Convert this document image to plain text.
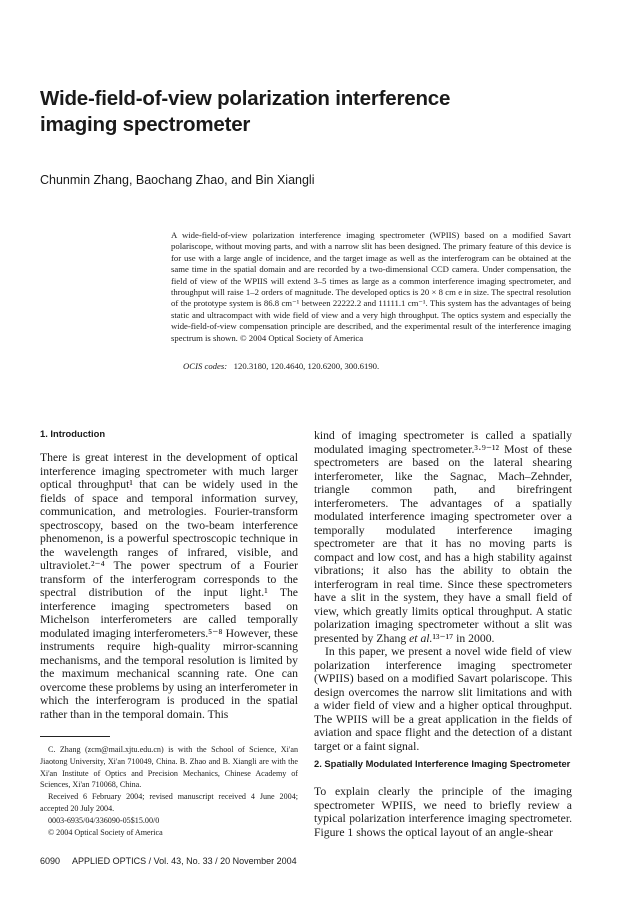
Wide-field-of-view polarization interference
imaging spectrometer

Chunmin Zhang, Baochang Zhao, and Bin Xiangli

A wide-field-of-view polarization interference imaging spectrometer (WPIIS) based on a modified Savart polariscope, without moving parts, and with a narrow slit has been designed. The primary feature of this device is for use with a large angle of incidence, and the target image as well as the interferogram can be obtained at the same time in the spatial domain and are recorded by a two-dimensional CCD camera. Under compensation, the field of view of the WPIIS will extend 3–5 times as large as a common interference imaging spectrometer, and throughput will raise 1–2 orders of magnitude. The developed optics is 20 × 8 cm e in size. The spectral resolution of the prototype system is 86.8 cm⁻¹ between 22222.2 and 11111.1 cm⁻¹. This system has the advantages of being static and ultracompact with wide field of view and a very high throughput. The optics system and especially the wide-field-of-view compensation principle are described, and the experimental result of the interference imaging spectrum is shown. © 2004 Optical Society of America

OCIS codes: 120.3180, 120.4640, 120.6200, 300.6190.

1. Introduction

There is great interest in the development of optical interference imaging spectrometer with much larger optical throughput¹ that can be widely used in the fields of space and temporal information survey, communication, and metrologies. Fourier-transform spectroscopy, based on the two-beam interference phenomenon, is a powerful spectroscopic technique in the wavelength ranges of infrared, visible, and ultraviolet.²⁻⁴ The power spectrum of a Fourier transform of the interferogram corresponds to the spectral distribution of the input light.¹ The interference imaging spectrometers based on Michelson interferometers are called temporally modulated imaging interferometers.⁵⁻⁸ However, these instruments require high-quality mirror-scanning mechanisms, and the temporal resolution is limited by the maximum mechanical scanning rate. One can overcome these problems by using an interferometer in which the interferogram is produced in the spatial rather than in the temporal domain. This

C. Zhang (zcm@mail.xjtu.edu.cn) is with the School of Science, Xi'an Jiaotong University, Xi'an 710049, China. B. Zhao and B. Xiangli are with the Xi'an Institute of Optics and Precision Mechanics, Chinese Academy of Sciences, Xi'an 710068, China.
Received 6 February 2004; revised manuscript received 4 June 2004; accepted 20 July 2004.
0003-6935/04/336090-05$15.00/0
© 2004 Optical Society of America

kind of imaging spectrometer is called a spatially modulated imaging spectrometer.³·⁹⁻¹² Most of these spectrometers are based on the lateral shearing interferometer, like the Sagnac, Mach–Zehnder, triangle common path, and birefringent interferometers. The advantages of a spatially modulated interference imaging spectrometer over a temporally modulated interference imaging spectrometer are that it has no moving parts is compact and low cost, and has a high stability against vibrations; it also has the ability to obtain the interferogram in real time. Since these spectrometers have a slit in the system, they have a small field of view, which greatly limits optical throughput. A static polarization imaging spectrometer without a slit was presented by Zhang et al.¹³⁻¹⁷ in 2000.

In this paper, we present a novel wide field of view polarization interference imaging spectrometer (WPIIS) based on a modified Savart polariscope. This design overcomes the narrow slit limitations and with a wider field of view and a higher optical throughput. The WPIIS will be a great application in the fields of aviation and space flight and the detection of a distant target or a faint signal.

2. Spatially Modulated Interference Imaging Spectrometer

To explain clearly the principle of the imaging spectrometer WPIIS, we need to briefly review a typical polarization interference imaging spectrometer. Figure 1 shows the optical layout of an angle-shear

6090 APPLIED OPTICS / Vol. 43, No. 33 / 20 November 2004
